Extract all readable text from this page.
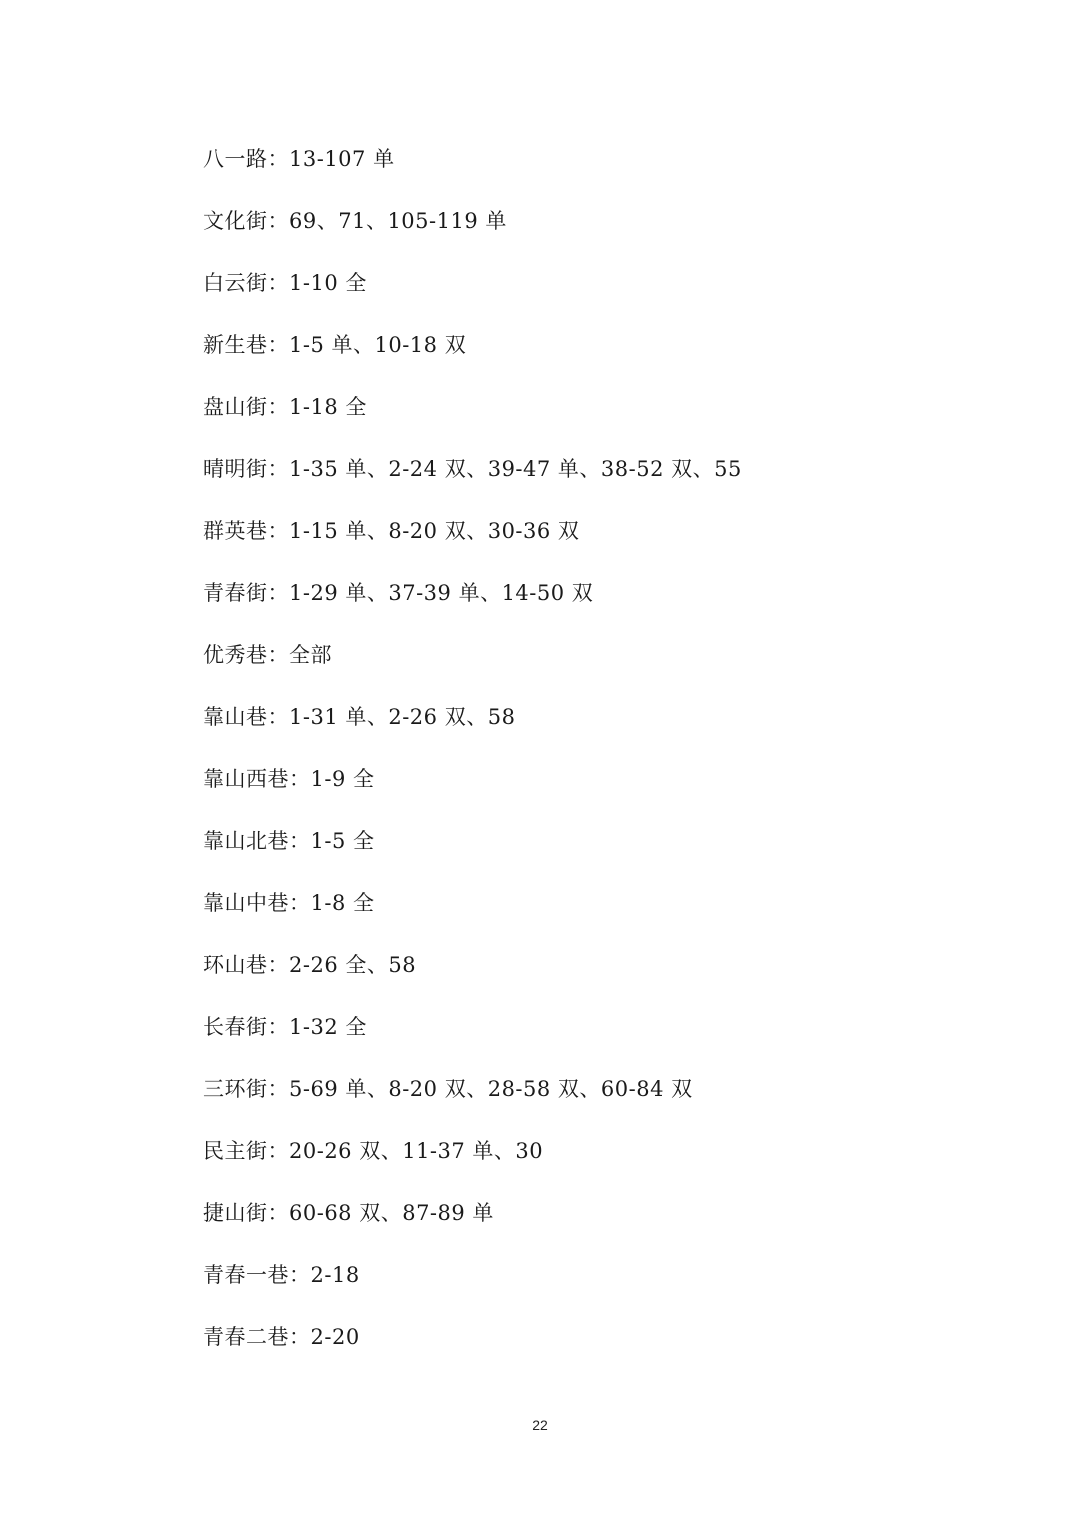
八一路：13-107 单
文化街：69、71、105-119 单
白云街：1-10 全
新生巷：1-5 单、10-18 双
盘山街：1-18 全
晴明街：1-35 单、2-24 双、39-47 单、38-52 双、55
群英巷：1-15 单、8-20 双、30-36 双
青春街：1-29 单、37-39 单、14-50 双
优秀巷：全部
靠山巷：1-31 单、2-26 双、58
靠山西巷：1-9 全
靠山北巷：1-5 全
靠山中巷：1-8 全
环山巷：2-26 全、58
长春街：1-32 全
三环街：5-69 单、8-20 双、28-58 双、60-84 双
民主街：20-26 双、11-37 单、30
捷山街：60-68 双、87-89 单
青春一巷：2-18
青春二巷：2-20
22
